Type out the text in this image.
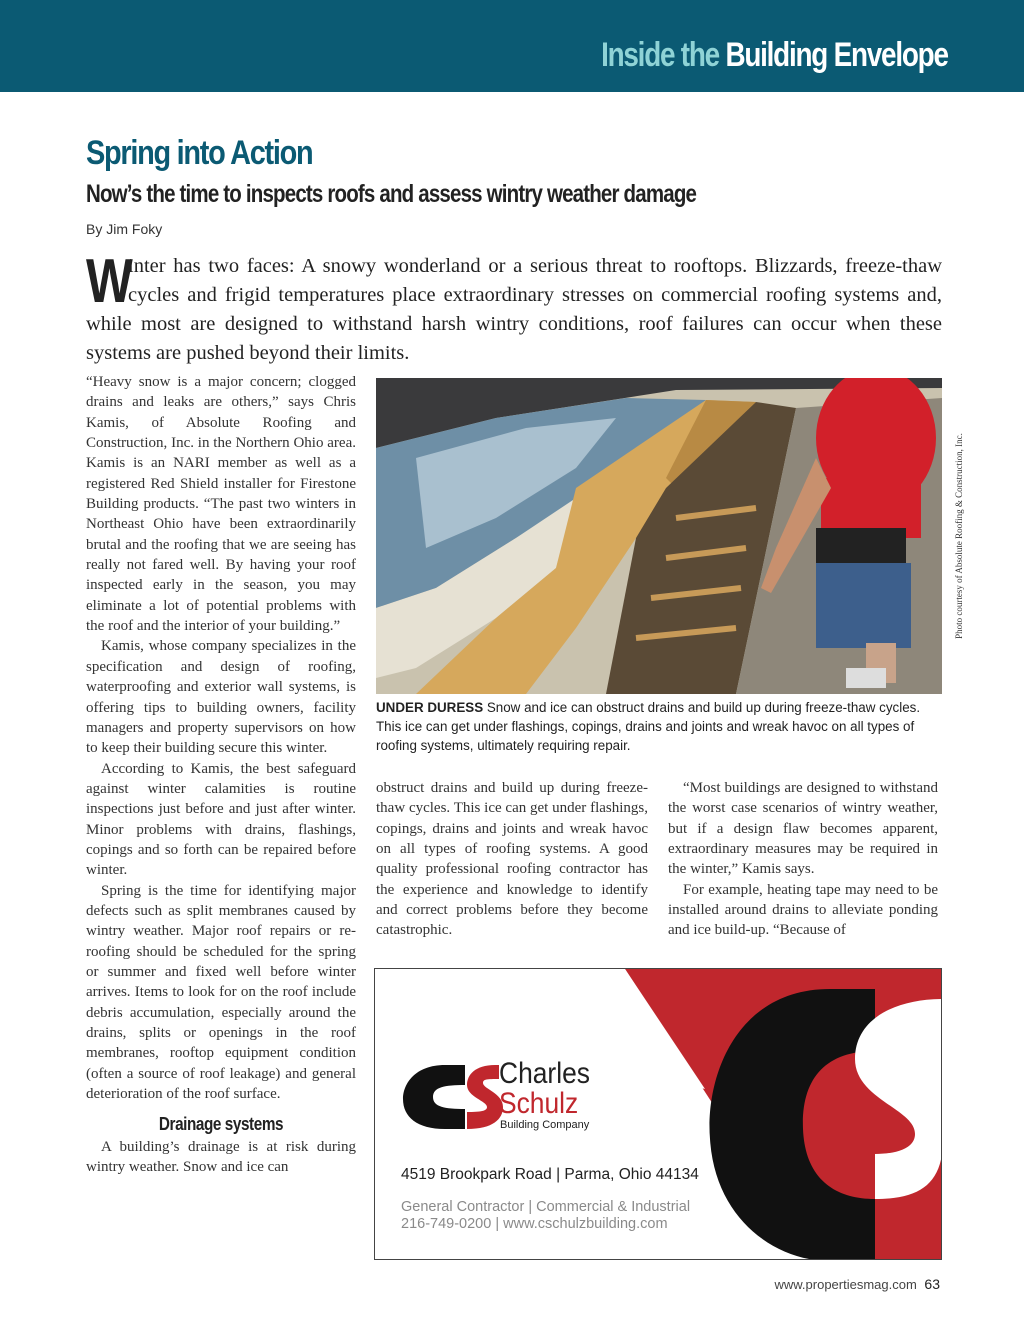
Inside the Building Envelope
Spring into Action
Now’s the time to inspects roofs and assess wintry weather damage
By Jim Foky
W
inter has two faces: A snowy wonderland or a serious threat to rooftops. Blizzards, freeze-thaw cycles and frigid temperatures place extraordinary stresses on commercial roofing systems and, while most are designed to withstand harsh wintry conditions, roof failures can occur when these systems are pushed beyond their limits.

“Heavy snow is a major concern; clogged drains and leaks are others,” says Chris Kamis, of Absolute Roofing and Construction, Inc. in the Northern Ohio area. Kamis is an NARI member as well as a registered Red Shield installer for Firestone Building products. “The past two winters in Northeast Ohio have been extraordinarily brutal and the roofing that we are seeing has really not fared well. By having your roof inspected early in the season, you may eliminate a lot of potential problems with the roof and the interior of your building.”

Kamis, whose company specializes in the specification and design of roofing, waterproofing and exterior wall systems, is offering tips to building owners, facility managers and property supervisors on how to keep their building secure this winter.

According to Kamis, the best safeguard against winter calamities is routine inspections just before and just after winter. Minor problems with drains, flashings, copings and so forth can be repaired before winter.

Spring is the time for identifying major defects such as split membranes caused by wintry weather. Major roof repairs or re-roofing should be scheduled for the spring or summer and fixed well before winter arrives. Items to look for on the roof include debris accumulation, especially around the drains, splits or openings in the roof membranes, rooftop equipment condition (often a source of roof leakage) and general deterioration of the roof surface.

Drainage systems

A building’s drainage is at risk during wintry weather. Snow and ice can

Photo courtesy of Absolute Roofing & Construction, Inc.
UNDER DURESS Snow and ice can obstruct drains and build up during freeze-thaw cycles. This ice can get under flashings, copings, drains and joints and wreak havoc on all types of roofing systems, ultimately requiring repair.

obstruct drains and build up during freeze-thaw cycles. This ice can get under flashings, copings, drains and joints and wreak havoc on all types of roofing systems. A good quality professional roofing contractor has the experience and knowledge to identify and correct problems before they become catastrophic.

“Most buildings are designed to withstand the worst case scenarios of wintry weather, but if a design flaw becomes apparent, extraordinary measures may be required in the winter,” Kamis says.

For example, heating tape may need to be installed around drains to alleviate ponding and ice build-up. “Because of

Charles
Schulz
Building Company
4519 Brookpark Road | Parma, Ohio 44134
General Contractor | Commercial & Industrial
216-749-0200 | www.cschulzbuilding.com
www.propertiesmag.com 63
